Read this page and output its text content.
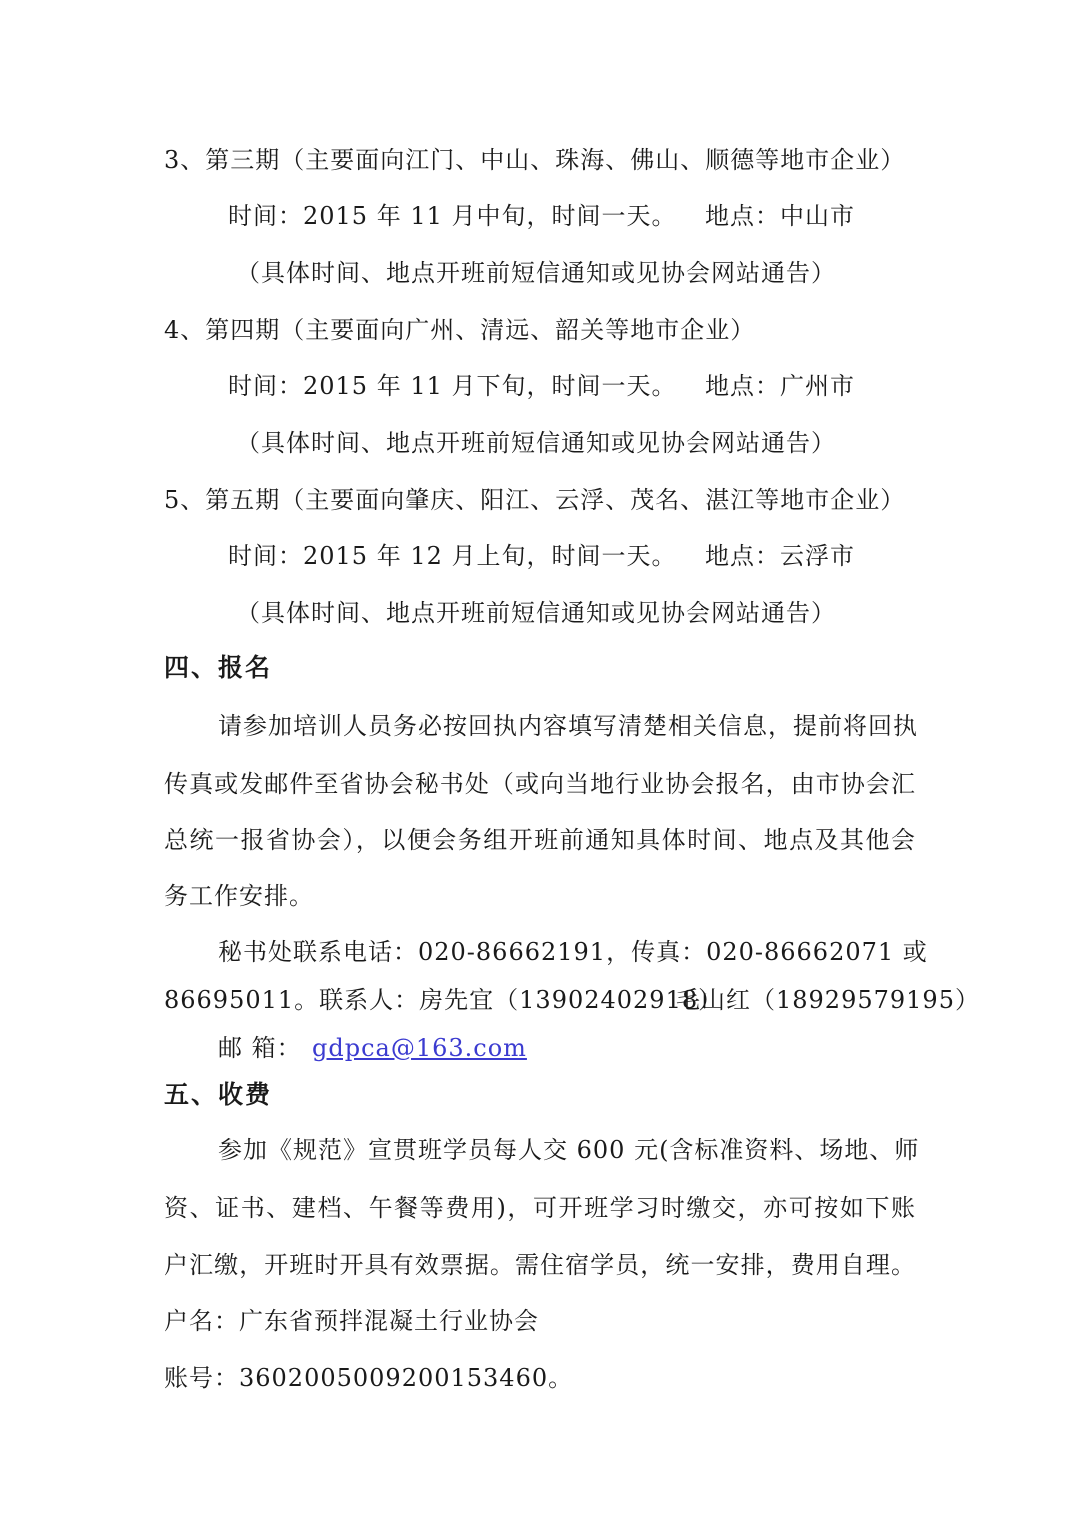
3、第三期（主要面向江门、中山、珠海、佛山、顺德等地市企业）
时间：2015 年 11 月中旬，时间一天。 地点：中山市
（具体时间、地点开班前短信通知或见协会网站通告）
4、第四期（主要面向广州、清远、韶关等地市企业）
时间：2015 年 11 月下旬，时间一天。 地点：广州市
（具体时间、地点开班前短信通知或见协会网站通告）
5、第五期（主要面向肇庆、阳江、云浮、茂名、湛江等地市企业）
时间：2015 年 12 月上旬，时间一天。 地点：云浮市
（具体时间、地点开班前短信通知或见协会网站通告）
四、报名
请参加培训人员务必按回执内容填写清楚相关信息，提前将回执
传真或发邮件至省协会秘书处（或向当地行业协会报名，由市协会汇
总统一报省协会），以便会务组开班前通知具体时间、地点及其他会
务工作安排。
秘书处联系电话：020-86662191，传真：020-86662071 或
86695011。联系人：房先宜（13902402918）
毛山红（18929579195）
邮 箱： gdpca@163.com
五、收费
参加《规范》宣贯班学员每人交 600 元(含标准资料、场地、师
资、证书、建档、午餐等费用)，可开班学习时缴交，亦可按如下账
户汇缴，开班时开具有效票据。需住宿学员，统一安排，费用自理。
户名：广东省预拌混凝土行业协会
账号：3602005009200153460。
